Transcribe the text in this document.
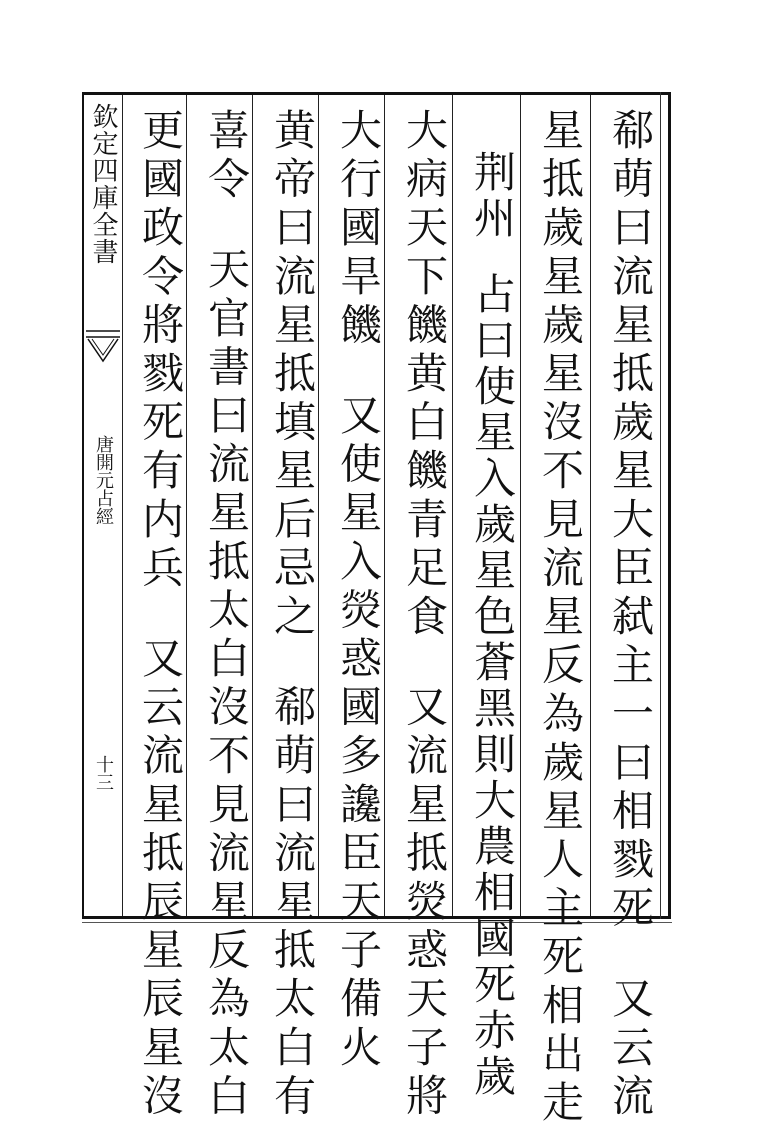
欽定四庫全書
唐開元占經
十三	郗萌曰流星抵歲星大臣弑主一曰相戮死又云流
星抵歲星歲星沒不見流星反為歲星人主死相出走
荆州占曰使星入歲星色蒼黑則大農相國死赤歲
大病天下饑黄白饑青足食又流星抵熒惑天子將
大行國旱饑又使星入熒惑國多讒臣天子備火
黄帝曰流星抵填星后忌之郗萌曰流星抵太白有
喜令天官書曰流星抵太白沒不見流星反為太白
更國政令將戮死有内兵又云流星抵辰星辰星沒
